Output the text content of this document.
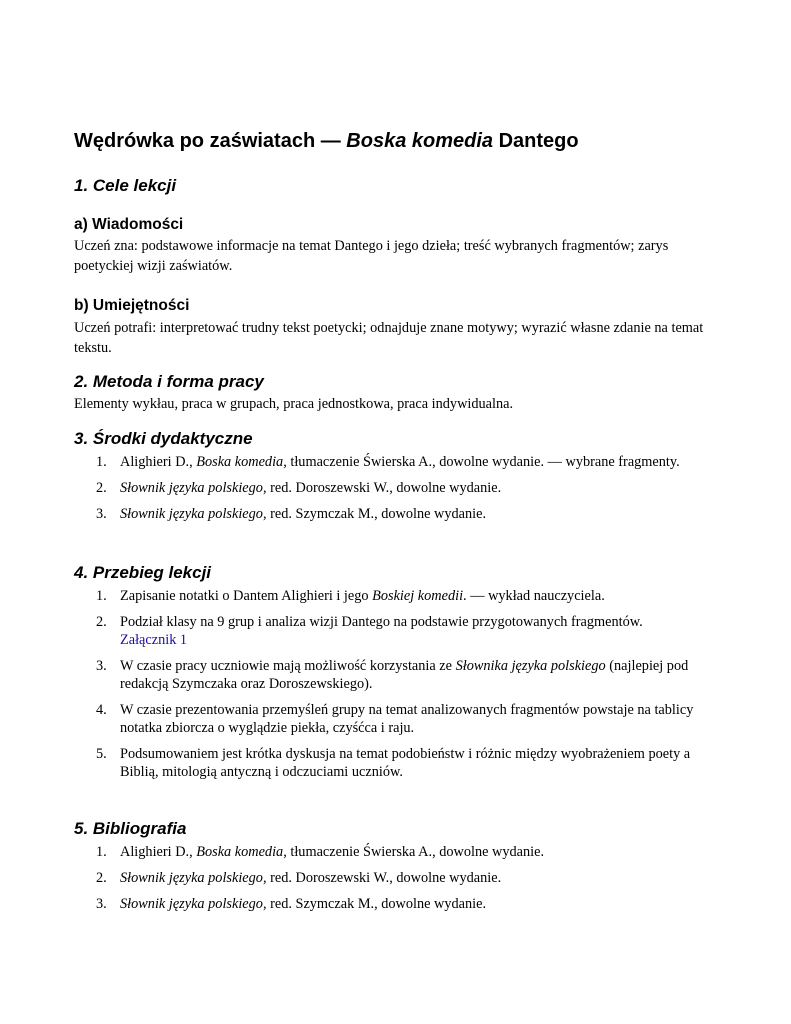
Wędrówka po zaświatach — Boska komedia Dantego
1. Cele lekcji
a) Wiadomości

Uczeń zna: podstawowe informacje na temat Dantego i jego dzieła; treść wybranych fragmentów; zarys poetyckiej wizji zaświatów.

b) Umiejętności

Uczeń potrafi: interpretować trudny tekst poetycki; odnajduje znane motywy; wyrazić własne zdanie na temat tekstu.

2. Metoda i forma pracy

Elementy wykłau, praca w grupach, praca jednostkowa, praca indywidualna.

3. Środki dydaktyczne
1. Alighieri D., Boska komedia, tłumaczenie Świerska A., dowolne wydanie. — wybrane fragmenty.
2. Słownik języka polskiego, red. Doroszewski W., dowolne wydanie.
3. Słownik języka polskiego, red. Szymczak M., dowolne wydanie.
4. Przebieg lekcji
1. Zapisanie notatki o Dantem Alighieri i jego Boskiej komedii. — wykład nauczyciela.
2. Podział klasy na 9 grup i analiza wizji Dantego na podstawie przygotowanych fragmentów.
Załącznik 1
3. W czasie pracy uczniowie mają możliwość korzystania ze Słownika języka polskiego (najlepiej pod redakcją Szymczaka oraz Doroszewskiego).
4. W czasie prezentowania przemyśleń grupy na temat analizowanych fragmentów powstaje na tablicy notatka zbiorcza o wyglądzie piekła, czyśćca i raju.
5. Podsumowaniem jest krótka dyskusja na temat podobieństw i różnic między wyobrażeniem poety a Biblią, mitologią antyczną i odczuciami uczniów.
5. Bibliografia
1. Alighieri D., Boska komedia, tłumaczenie Świerska A., dowolne wydanie.
2. Słownik języka polskiego, red. Doroszewski W., dowolne wydanie.
3. Słownik języka polskiego, red. Szymczak M., dowolne wydanie.
